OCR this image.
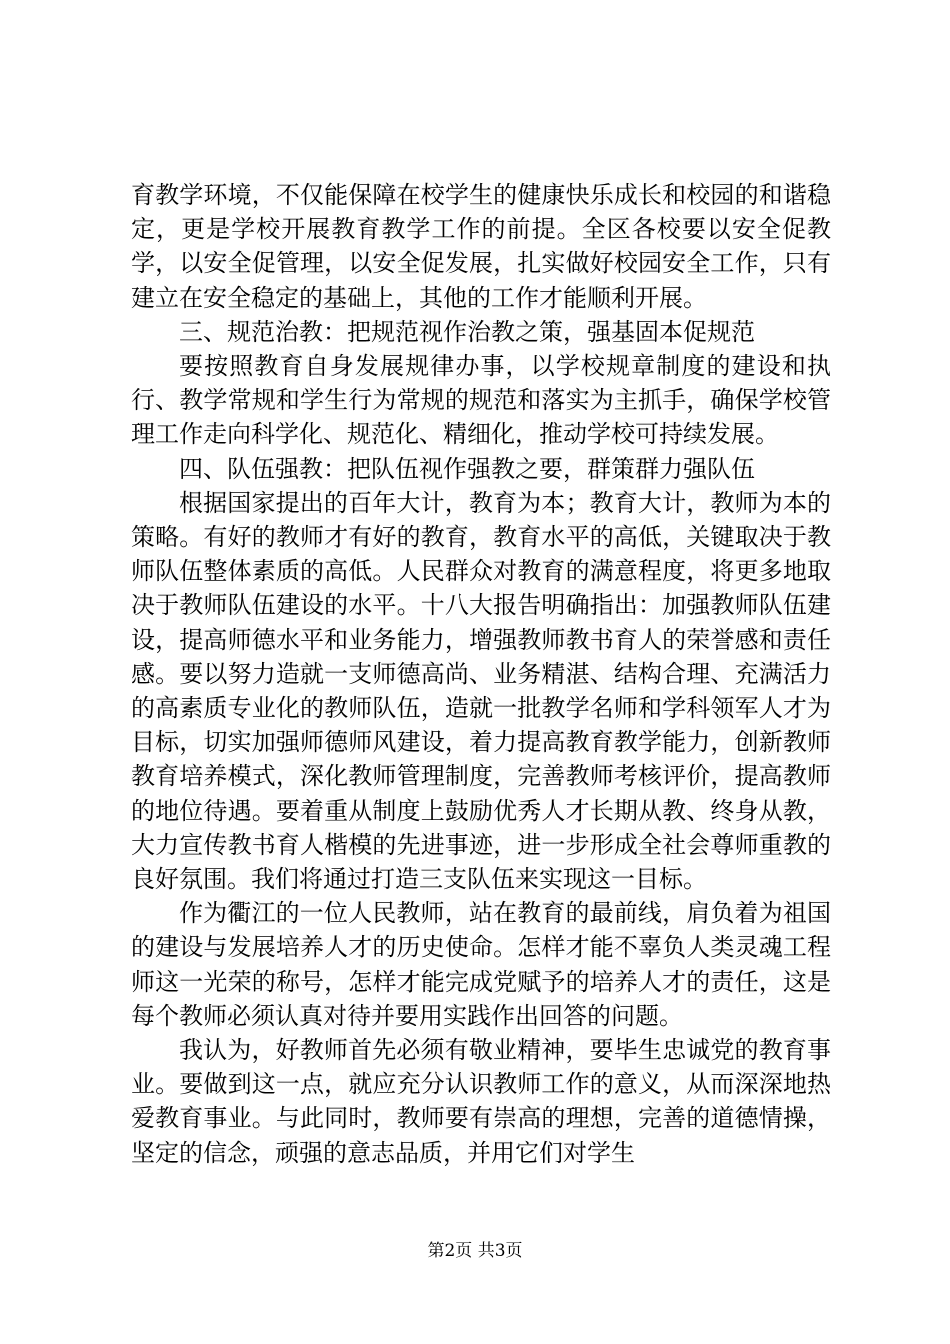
育教学环境，不仅能保障在校学生的健康快乐成长和校园的和谐稳定，更是学校开展教育教学工作的前提。全区各校要以安全促教学，以安全促管理，以安全促发展，扎实做好校园安全工作，只有建立在安全稳定的基础上，其他的工作才能顺利开展。

三、规范治教：把规范视作治教之策，强基固本促规范

要按照教育自身发展规律办事，以学校规章制度的建设和执行、教学常规和学生行为常规的规范和落实为主抓手，确保学校管理工作走向科学化、规范化、精细化，推动学校可持续发展。

四、队伍强教：把队伍视作强教之要，群策群力强队伍

根据国家提出的百年大计，教育为本；教育大计，教师为本的策略。有好的教师才有好的教育，教育水平的高低，关键取决于教师队伍整体素质的高低。人民群众对教育的满意程度，将更多地取决于教师队伍建设的水平。十八大报告明确指出：加强教师队伍建设，提高师德水平和业务能力，增强教师教书育人的荣誉感和责任感。要以努力造就一支师德高尚、业务精湛、结构合理、充满活力的高素质专业化的教师队伍，造就一批教学名师和学科领军人才为目标，切实加强师德师风建设，着力提高教育教学能力，创新教师教育培养模式，深化教师管理制度，完善教师考核评价，提高教师的地位待遇。要着重从制度上鼓励优秀人才长期从教、终身从教，大力宣传教书育人楷模的先进事迹，进一步形成全社会尊师重教的良好氛围。我们将通过打造三支队伍来实现这一目标。

作为衢江的一位人民教师，站在教育的最前线，肩负着为祖国的建设与发展培养人才的历史使命。怎样才能不辜负人类灵魂工程师这一光荣的称号，怎样才能完成党赋予的培养人才的责任，这是每个教师必须认真对待并要用实践作出回答的问题。

我认为，好教师首先必须有敬业精神，要毕生忠诚党的教育事业。要做到这一点，就应充分认识教师工作的意义，从而深深地热爱教育事业。与此同时，教师要有崇高的理想，完善的道德情操，坚定的信念，顽强的意志品质，并用它们对学生

第2页 共3页
